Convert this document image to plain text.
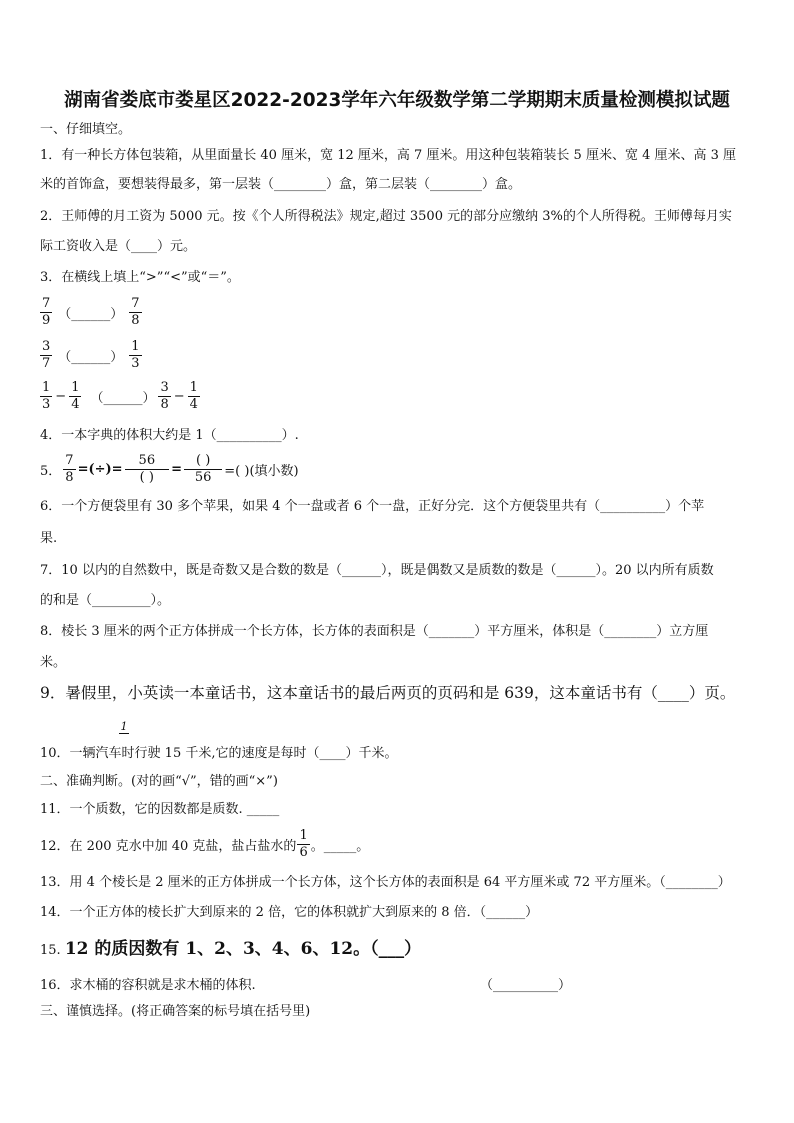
湖南省娄底市娄星区2022-2023学年六年级数学第二学期期末质量检测模拟试题
一、仔细填空。
1．有一种长方体包装箱，从里面量长 40 厘米，宽 12 厘米，高 7 厘米。用这种包装箱装长 5 厘米、宽 4 厘米、高 3 厘
米的首饰盒，要想装得最多，第一层装（________）盒，第二层装（________）盒。
2．王师傅的月工资为 5000 元。按《个人所得税法》规定,超过 3500 元的部分应缴纳 3%的个人所得税。王师傅每月实
际工资收入是（____）元。
3．在横线上填上“>”“<”或“＝”。
$\frac{7}{9}$ （______） $\frac{7}{8}$
$\frac{3}{7}$ （______） $\frac{1}{3}$
$\frac{1}{3} - \frac{1}{4}$ （______） $\frac{3}{8} - \frac{1}{4}$
4．一本字典的体积大约是 1（__________）.
5． $\frac{7}{8}$ =(÷)= $\frac{56}{( )} = \frac{( )}{56}$ =( )(填小数)
6．一个方便袋里有 30 多个苹果，如果 4 个一盘或者 6 个一盘，正好分完．这个方便袋里共有（__________）个苹
果.
7．10 以内的自然数中，既是奇数又是合数的数是（______），既是偶数又是质数的数是（______）。20 以内所有质数
的和是（_________）。
8．棱长 3 厘米的两个正方体拼成一个长方体，长方体的表面积是（_______）平方厘米，体积是（________）立方厘
米。
9．暑假里，小英读一本童话书，这本童话书的最后两页的页码和是 639，这本童话书有（____）页。
1
10．一辆汽车时行驶 15 千米,它的速度是每时（____）千米。
二、准确判断。(对的画“√”，错的画“×”)
11．一个质数，它的因数都是质数. _____
12．在 200 克水中加 40 克盐，盐占盐水的 $\frac{1}{6}$ 。_____。
13．用 4 个棱长是 2 厘米的正方体拼成一个长方体，这个长方体的表面积是 64 平方厘米或 72 平方厘米。（________）
14．一个正方体的棱长扩大到原来的 2 倍，它的体积就扩大到原来的 8 倍．（______）
15. 12 的质因数有 1、2、3、4、6、12。（___）
16．求木桶的容积就是求木桶的体积.	（__________）
三、谨慎选择。(将正确答案的标号填在括号里)
